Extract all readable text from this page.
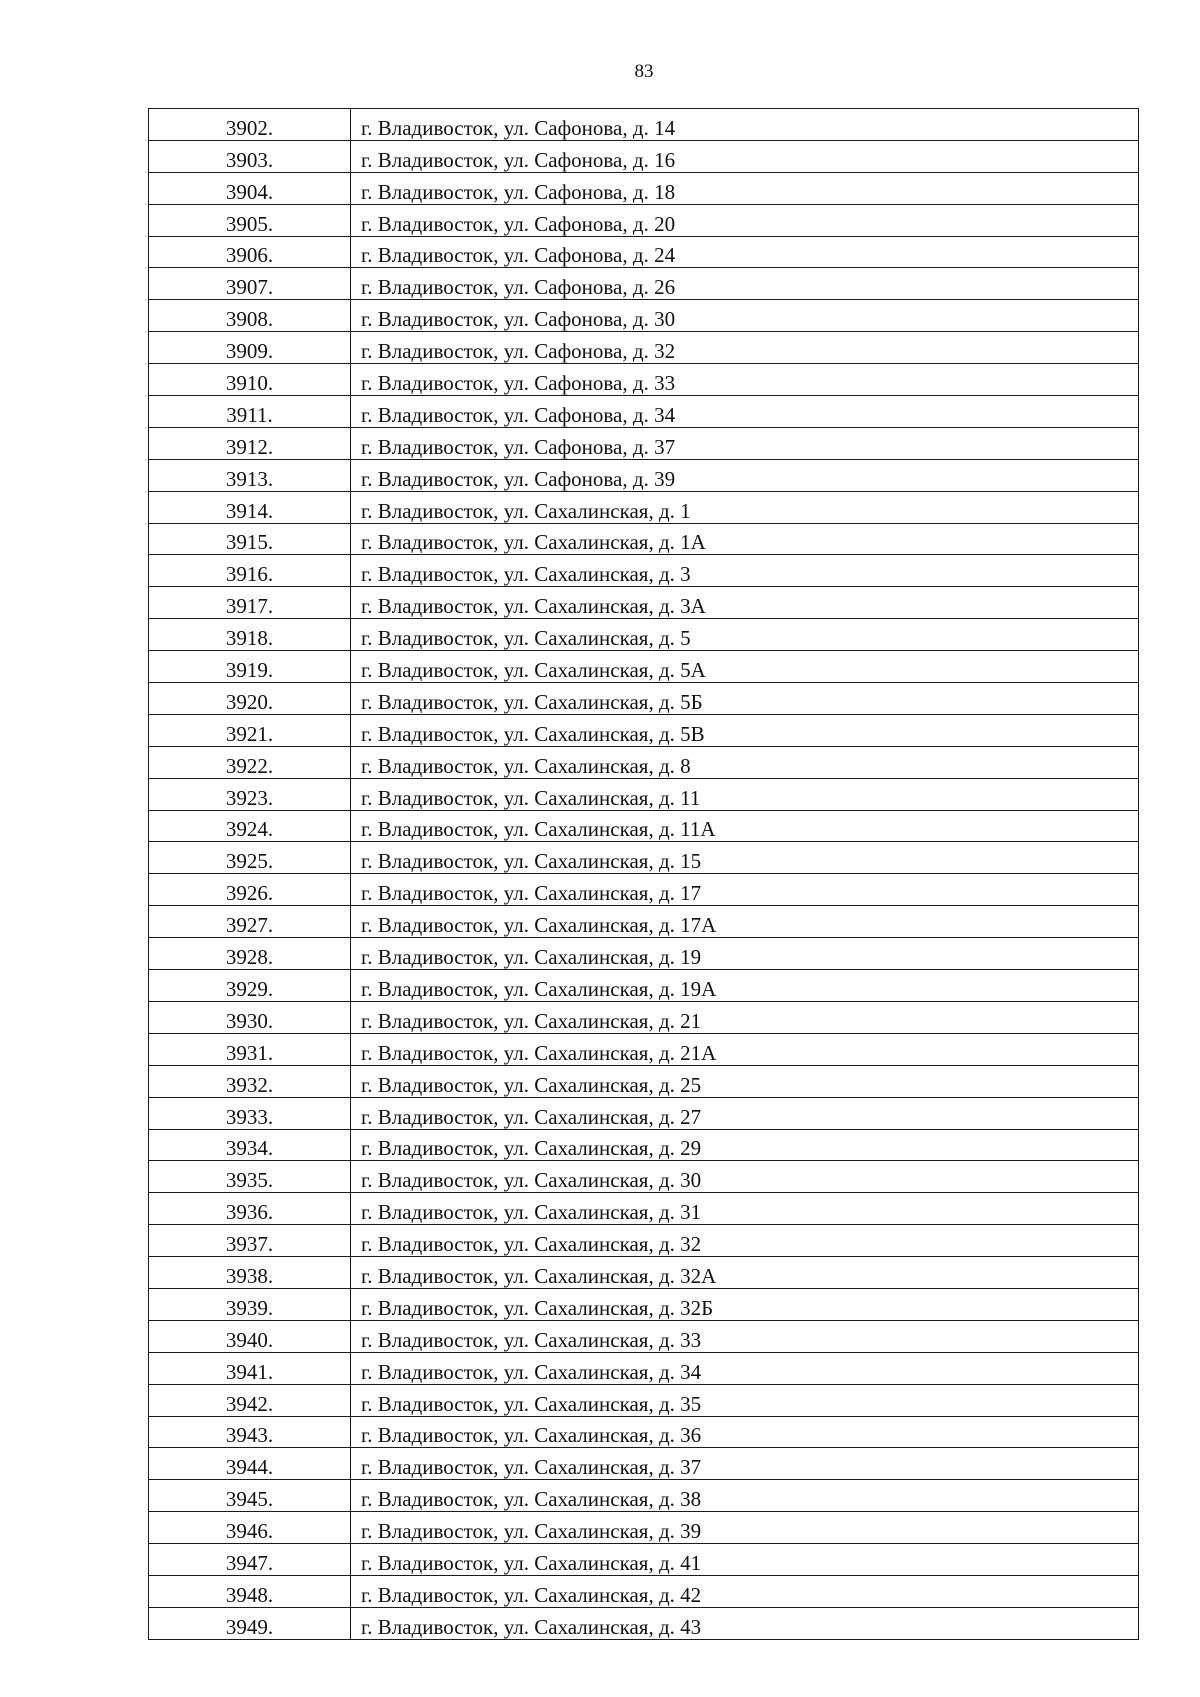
83
3902.	г. Владивосток, ул. Сафонова, д. 14
3903.	г. Владивосток, ул. Сафонова, д. 16
3904.	г. Владивосток, ул. Сафонова, д. 18
3905.	г. Владивосток, ул. Сафонова, д. 20
3906.	г. Владивосток, ул. Сафонова, д. 24
3907.	г. Владивосток, ул. Сафонова, д. 26
3908.	г. Владивосток, ул. Сафонова, д. 30
3909.	г. Владивосток, ул. Сафонова, д. 32
3910.	г. Владивосток, ул. Сафонова, д. 33
3911.	г. Владивосток, ул. Сафонова, д. 34
3912.	г. Владивосток, ул. Сафонова, д. 37
3913.	г. Владивосток, ул. Сафонова, д. 39
3914.	г. Владивосток, ул. Сахалинская, д. 1
3915.	г. Владивосток, ул. Сахалинская, д. 1А
3916.	г. Владивосток, ул. Сахалинская, д. 3
3917.	г. Владивосток, ул. Сахалинская, д. 3А
3918.	г. Владивосток, ул. Сахалинская, д. 5
3919.	г. Владивосток, ул. Сахалинская, д. 5А
3920.	г. Владивосток, ул. Сахалинская, д. 5Б
3921.	г. Владивосток, ул. Сахалинская, д. 5В
3922.	г. Владивосток, ул. Сахалинская, д. 8
3923.	г. Владивосток, ул. Сахалинская, д. 11
3924.	г. Владивосток, ул. Сахалинская, д. 11А
3925.	г. Владивосток, ул. Сахалинская, д. 15
3926.	г. Владивосток, ул. Сахалинская, д. 17
3927.	г. Владивосток, ул. Сахалинская, д. 17А
3928.	г. Владивосток, ул. Сахалинская, д. 19
3929.	г. Владивосток, ул. Сахалинская, д. 19А
3930.	г. Владивосток, ул. Сахалинская, д. 21
3931.	г. Владивосток, ул. Сахалинская, д. 21А
3932.	г. Владивосток, ул. Сахалинская, д. 25
3933.	г. Владивосток, ул. Сахалинская, д. 27
3934.	г. Владивосток, ул. Сахалинская, д. 29
3935.	г. Владивосток, ул. Сахалинская, д. 30
3936.	г. Владивосток, ул. Сахалинская, д. 31
3937.	г. Владивосток, ул. Сахалинская, д. 32
3938.	г. Владивосток, ул. Сахалинская, д. 32А
3939.	г. Владивосток, ул. Сахалинская, д. 32Б
3940.	г. Владивосток, ул. Сахалинская, д. 33
3941.	г. Владивосток, ул. Сахалинская, д. 34
3942.	г. Владивосток, ул. Сахалинская, д. 35
3943.	г. Владивосток, ул. Сахалинская, д. 36
3944.	г. Владивосток, ул. Сахалинская, д. 37
3945.	г. Владивосток, ул. Сахалинская, д. 38
3946.	г. Владивосток, ул. Сахалинская, д. 39
3947.	г. Владивосток, ул. Сахалинская, д. 41
3948.	г. Владивосток, ул. Сахалинская, д. 42
3949.	г. Владивосток, ул. Сахалинская, д. 43
